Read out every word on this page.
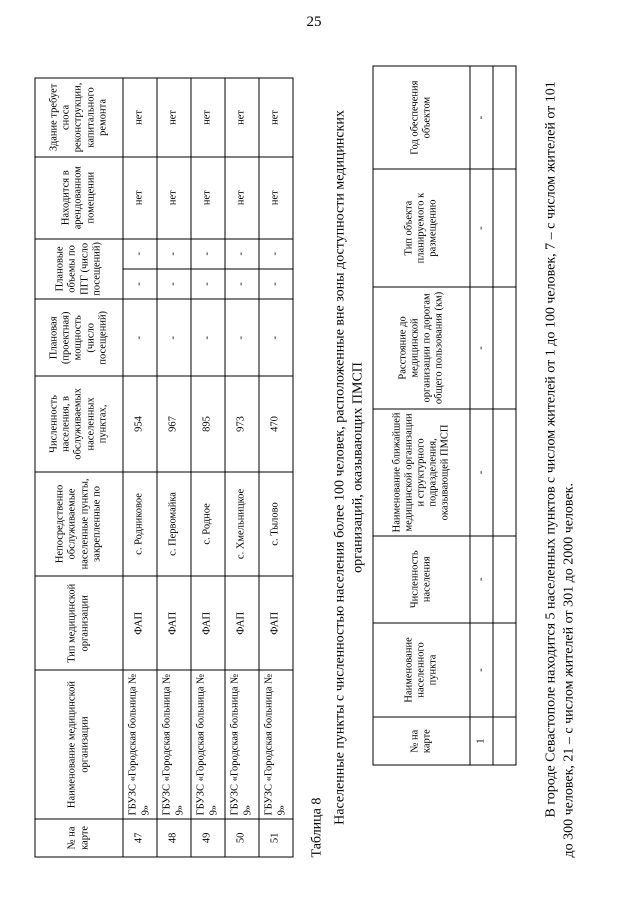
25
№ на карте	Наименование медицинской организации	Тип медицинской организации	Непосредственно обслуживаемые населенные пункты, закрепленные по	Численность населения, в обслуживаемых населенных пунктах,	Плановая (проектная) мощность (число посещений)	Плановые объемы по ПГГ (число посещений)		Находится в арендованном помещении	Здание требует сноса реконструкции, капитального ремонта
47	ГБУЗС «Городская больница № 9»	ФАП	с. Родниковое	954	-	-	-	нет	нет
48	ГБУЗС «Городская больница № 9»	ФАП	с. Первомайка	967	-	-	-	нет	нет
49	ГБУЗС «Городская больница № 9»	ФАП	с. Родное	895	-	-	-	нет	нет
50	ГБУЗС «Городская больница № 9»	ФАП	с. Хмельницкое	973	-	-	-	нет	нет
51	ГБУЗС «Городская больница № 9»	ФАП	с. Тылово	470	-	-	-	нет	нет
Таблица 8
Населенные пункты с численностью населения более 100 человек, расположенные вне зоны доступности медицинских организаций, оказывающих ПМСП
№ на карте	Наименование населенного пункта	Численность населения	Наименование ближайшей медицинской организации и структурного подразделения, оказывающей ПМСП	Расстояние до медицинской организации по дорогам общего пользования (км)	Тип объекта планируемого к размещению	Год обеспечения объектом
1	-	-	-	-	-	-
							В городе Севастополе находится 5 населенных пунктов с числом жителей от 1 до 100 человек, 7 – с числом жителей от 101 до 300 человек, 21 – с числом жителей от 301 до 2000 человек.
